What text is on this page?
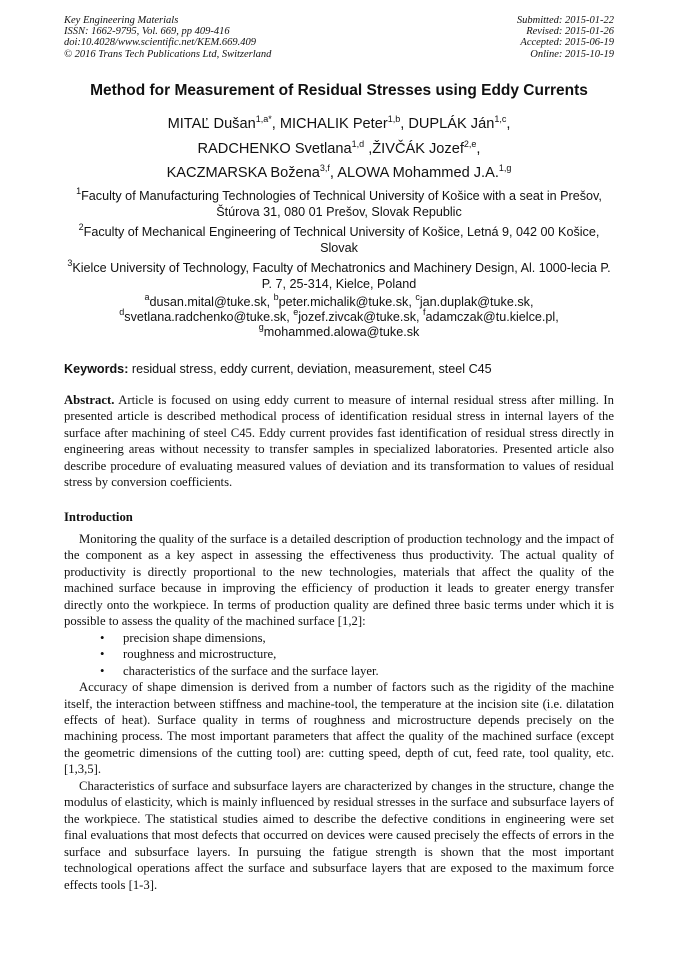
Key Engineering Materials
ISSN: 1662-9795, Vol. 669, pp 409-416
doi:10.4028/www.scientific.net/KEM.669.409
© 2016 Trans Tech Publications Ltd, Switzerland
Submitted: 2015-01-22
Revised: 2015-01-26
Accepted: 2015-06-19
Online: 2015-10-19
Method for Measurement of Residual Stresses using Eddy Currents
MITAĽ Dušan$^{1,a*}$, MICHALIK Peter$^{1,b}$, DUPLÁK Ján$^{1,c}$,
RADCHENKO Svetlana$^{1,d}$ ,ŽIVČÁK Jozef$^{2,e}$,
KACZMARSKA Božena$^{3,f}$, ALOWA Mohammed J.A.$^{1,g}$
$^1$Faculty of Manufacturing Technologies of Technical University of Košice with a seat in Prešov, Štúrova 31, 080 01 Prešov, Slovak Republic
$^2$Faculty of Mechanical Engineering of Technical University of Košice, Letná 9, 042 00 Košice, Slovak
$^3$Kielce University of Technology, Faculty of Mechatronics and Machinery Design, Al. 1000-lecia P. P. 7, 25-314, Kielce, Poland
$^a$dusan.mital@tuke.sk, $^b$peter.michalik@tuke.sk, $^c$jan.duplak@tuke.sk,
$^d$svetlana.radchenko@tuke.sk, $^e$jozef.zivcak@tuke.sk, $^f$adamczak@tu.kielce.pl,
$^g$mohammed.alowa@tuke.sk
Keywords: residual stress, eddy current, deviation, measurement, steel C45
Abstract. Article is focused on using eddy current to measure of internal residual stress after milling. In presented article is described methodical process of identification residual stress in internal layers of the surface after machining of steel C45. Eddy current provides fast identification of residual stress directly in engineering areas without necessity to transfer samples in specialized laboratories. Presented article also describe procedure of evaluating measured values of deviation and its transformation to values of residual stress by conversion coefficients.
Introduction

Monitoring the quality of the surface is a detailed description of production technology and the impact of the component as a key aspect in assessing the effectiveness thus productivity. The actual quality of productivity is directly proportional to the new technologies, materials that affect the quality of the machined surface because in improving the efficiency of production it leads to greater energy transfer directly onto the workpiece. In terms of production quality are defined three basic terms under which it is possible to assess the quality of the machined surface [1,2]:

• precision shape dimensions,
• roughness and microstructure,
• characteristics of the surface and the surface layer.

Accuracy of shape dimension is derived from a number of factors such as the rigidity of the machine itself, the interaction between stiffness and machine-tool, the temperature at the incision site (i.e. dilatation effects of heat). Surface quality in terms of roughness and microstructure depends precisely on the machining process. The most important parameters that affect the quality of the machined surface (except the geometric dimensions of the cutting tool) are: cutting speed, depth of cut, feed rate, tool quality, etc. [1,3,5].

Characteristics of surface and subsurface layers are characterized by changes in the structure, change the modulus of elasticity, which is mainly influenced by residual stresses in the surface and subsurface layers of the workpiece. The statistical studies aimed to describe the defective conditions in engineering were set final evaluations that most defects that occurred on devices were caused precisely the effects of errors in the surface and subsurface layers. In pursuing the fatigue strength is shown that the most important technological operations affect the surface and subsurface layers that are exposed to the maximum force effects tools [1-3].
